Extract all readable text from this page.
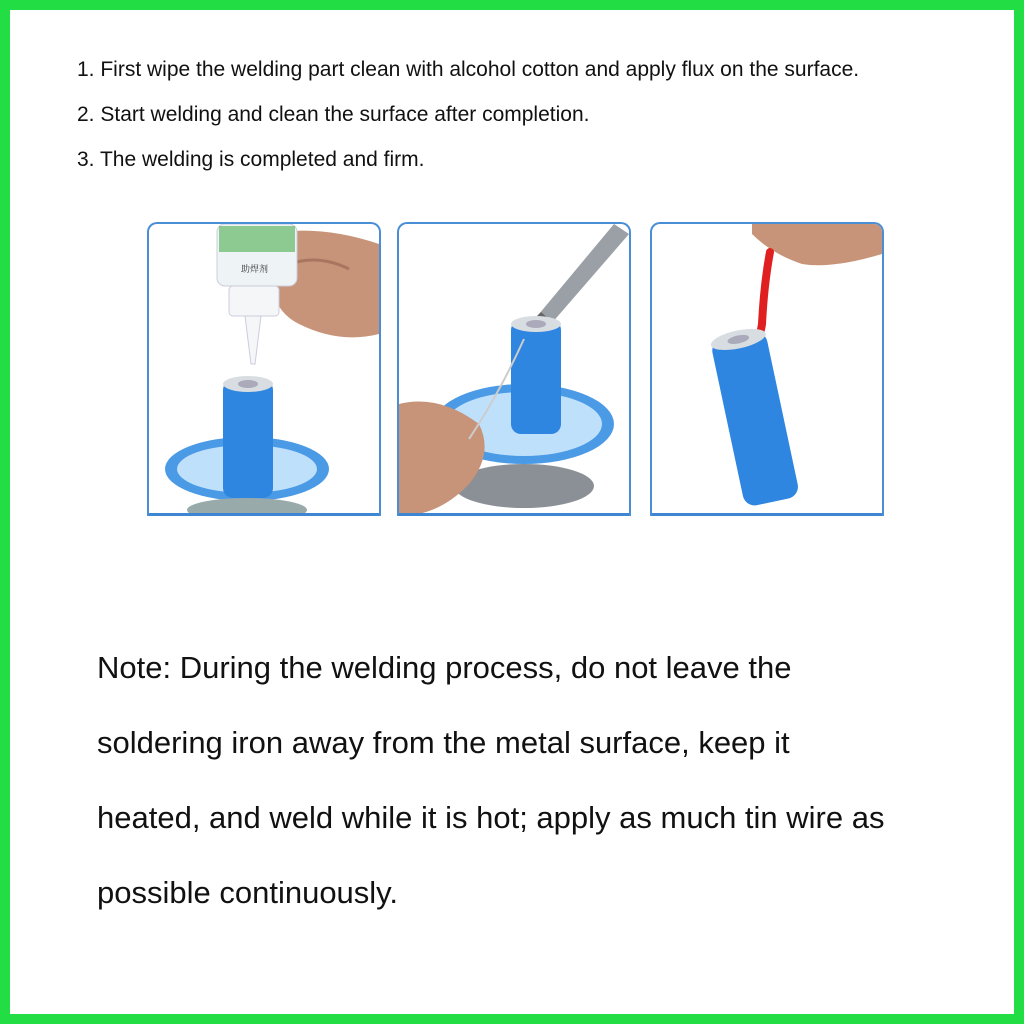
1. First wipe the welding part clean with alcohol cotton and apply flux on the surface.
2. Start welding and clean the surface after completion.
3. The welding is completed and firm.
助焊剂
Note: During the welding process, do not leave the
soldering iron away from the metal surface, keep it
heated, and weld while it is hot; apply as much tin wire as
possible continuously.
